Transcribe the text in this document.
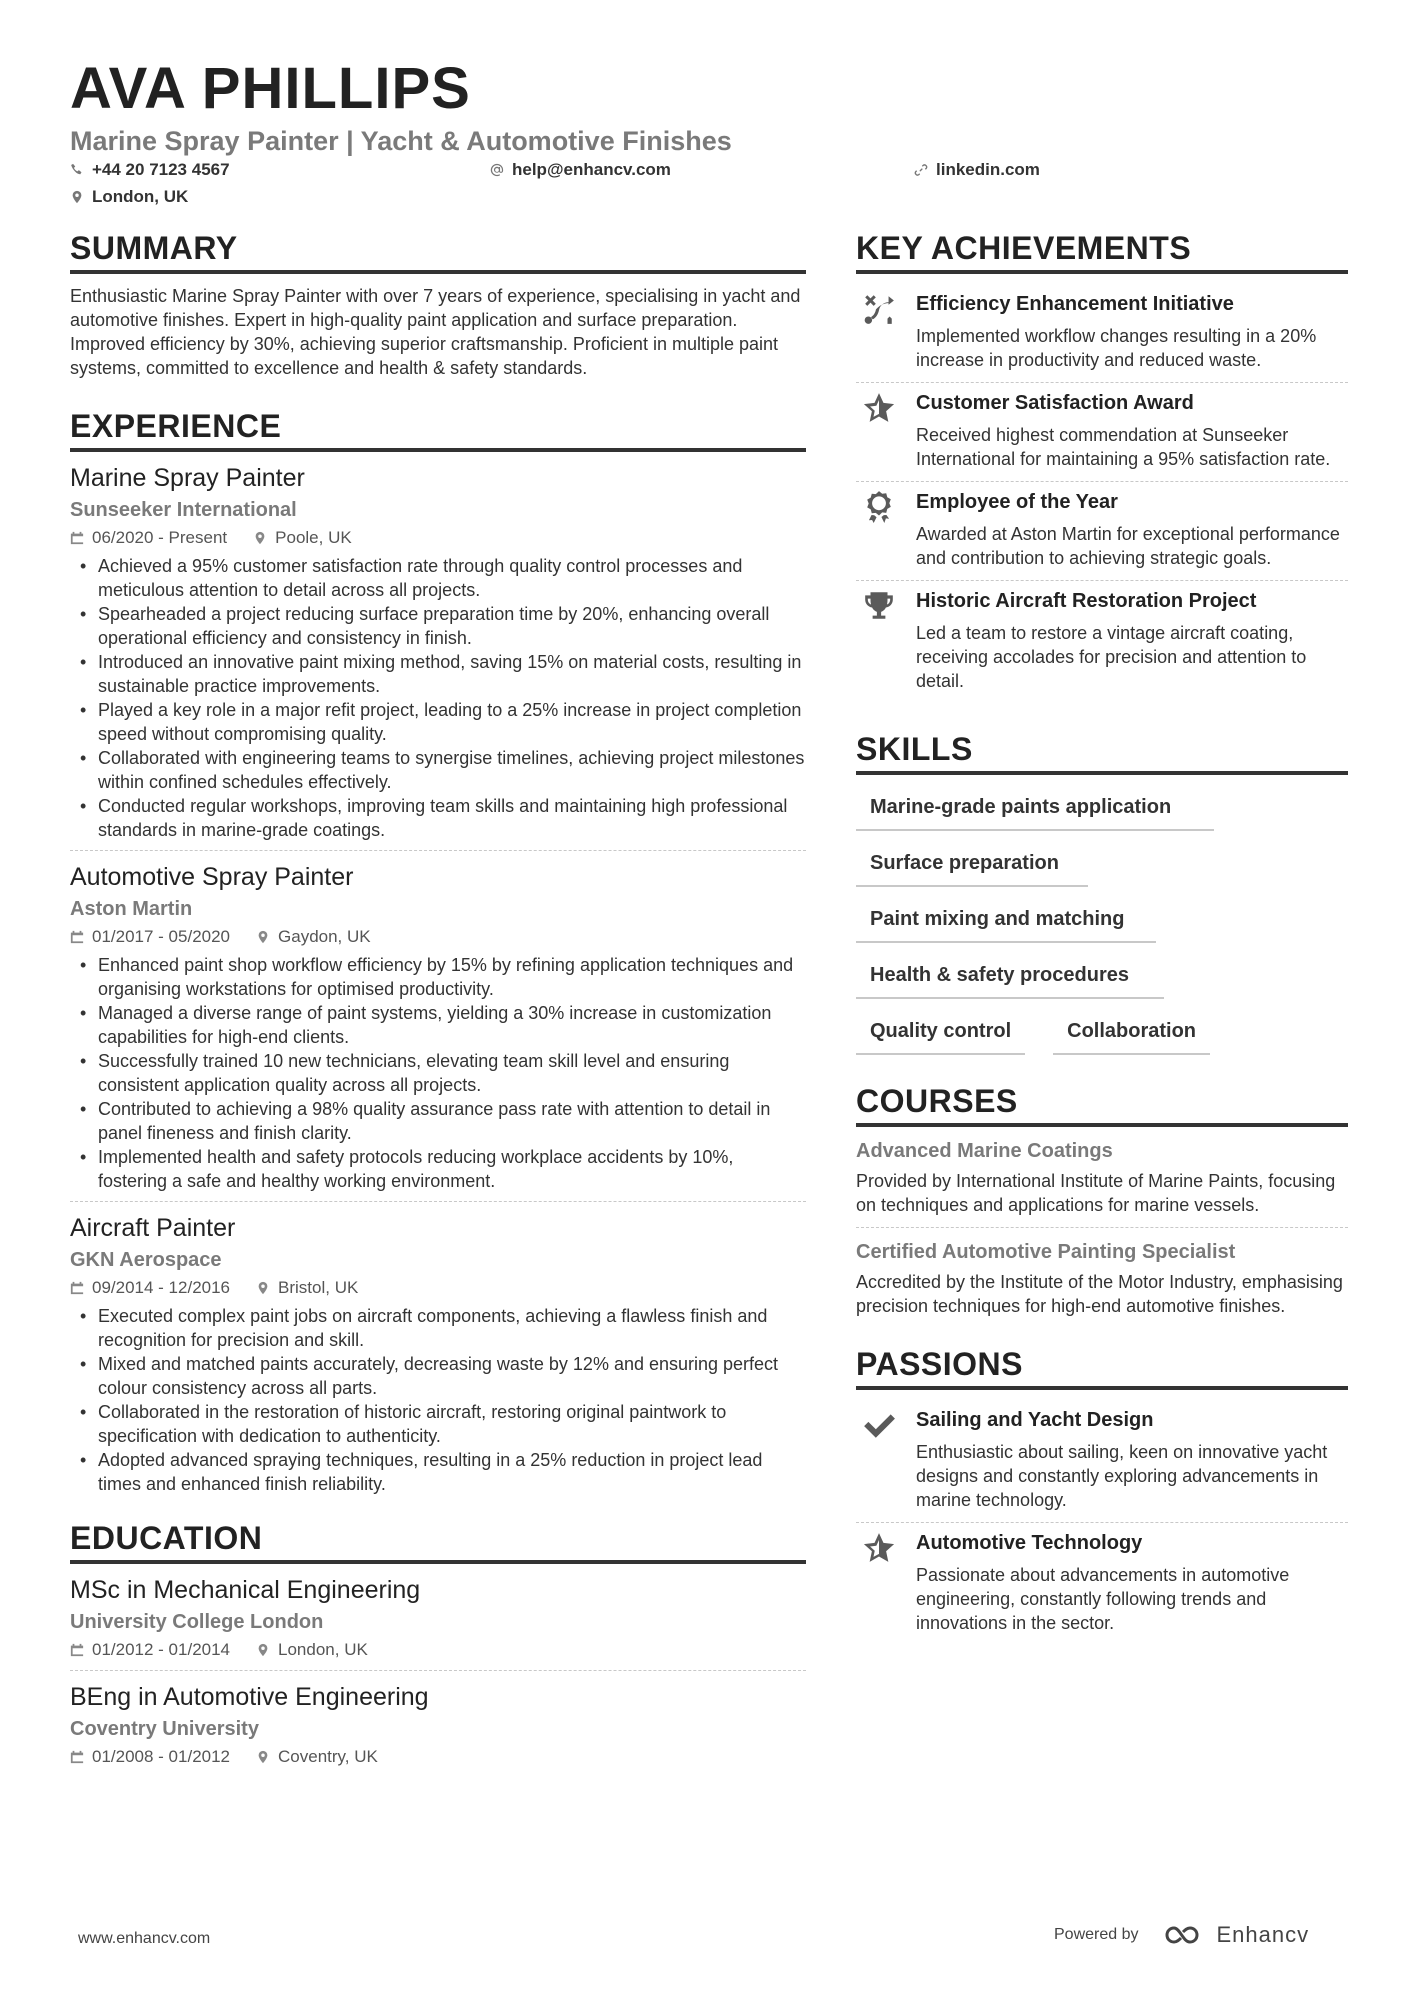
AVA PHILLIPS
Marine Spray Painter | Yacht & Automotive Finishes
+44 20 7123 4567	help@enhancv.com	linkedin.com
London, UK
SUMMARY

Enthusiastic Marine Spray Painter with over 7 years of experience, specialising in yacht and automotive finishes. Expert in high-quality paint application and surface preparation. Improved efficiency by 30%, achieving superior craftsmanship. Proficient in multiple paint systems, committed to excellence and health & safety standards.

EXPERIENCE
Marine Spray Painter
Sunseeker International
06/2020 - Present	Poole, UK
• Achieved a 95% customer satisfaction rate through quality control processes and meticulous attention to detail across all projects.
• Spearheaded a project reducing surface preparation time by 20%, enhancing overall operational efficiency and consistency in finish.
• Introduced an innovative paint mixing method, saving 15% on material costs, resulting in sustainable practice improvements.
• Played a key role in a major refit project, leading to a 25% increase in project completion speed without compromising quality.
• Collaborated with engineering teams to synergise timelines, achieving project milestones within confined schedules effectively.
• Conducted regular workshops, improving team skills and maintaining high professional standards in marine-grade coatings.
Automotive Spray Painter
Aston Martin
01/2017 - 05/2020	Gaydon, UK
• Enhanced paint shop workflow efficiency by 15% by refining application techniques and organising workstations for optimised productivity.
• Managed a diverse range of paint systems, yielding a 30% increase in customization capabilities for high-end clients.
• Successfully trained 10 new technicians, elevating team skill level and ensuring consistent application quality across all projects.
• Contributed to achieving a 98% quality assurance pass rate with attention to detail in panel fineness and finish clarity.
• Implemented health and safety protocols reducing workplace accidents by 10%, fostering a safe and healthy working environment.
Aircraft Painter
GKN Aerospace
09/2014 - 12/2016	Bristol, UK
• Executed complex paint jobs on aircraft components, achieving a flawless finish and recognition for precision and skill.
• Mixed and matched paints accurately, decreasing waste by 12% and ensuring perfect colour consistency across all parts.
• Collaborated in the restoration of historic aircraft, restoring original paintwork to specification with dedication to authenticity.
• Adopted advanced spraying techniques, resulting in a 25% reduction in project lead times and enhanced finish reliability.
EDUCATION
MSc in Mechanical Engineering
University College London
01/2012 - 01/2014	London, UK
BEng in Automotive Engineering
Coventry University
01/2008 - 01/2012	Coventry, UK
KEY ACHIEVEMENTS
Efficiency Enhancement Initiative
Implemented workflow changes resulting in a 20% increase in productivity and reduced waste.
Customer Satisfaction Award
Received highest commendation at Sunseeker International for maintaining a 95% satisfaction rate.
Employee of the Year
Awarded at Aston Martin for exceptional performance and contribution to achieving strategic goals.
Historic Aircraft Restoration Project
Led a team to restore a vintage aircraft coating, receiving accolades for precision and attention to detail.
SKILLS
Marine-grade paints application
Surface preparation
Paint mixing and matching
Health & safety procedures
Quality control	Collaboration
COURSES
Advanced Marine Coatings
Provided by International Institute of Marine Paints, focusing on techniques and applications for marine vessels.
Certified Automotive Painting Specialist
Accredited by the Institute of the Motor Industry, emphasising precision techniques for high-end automotive finishes.
PASSIONS
Sailing and Yacht Design
Enthusiastic about sailing, keen on innovative yacht designs and constantly exploring advancements in marine technology.
Automotive Technology
Passionate about advancements in automotive engineering, constantly following trends and innovations in the sector.
www.enhancv.com	Powered by	Enhancv
